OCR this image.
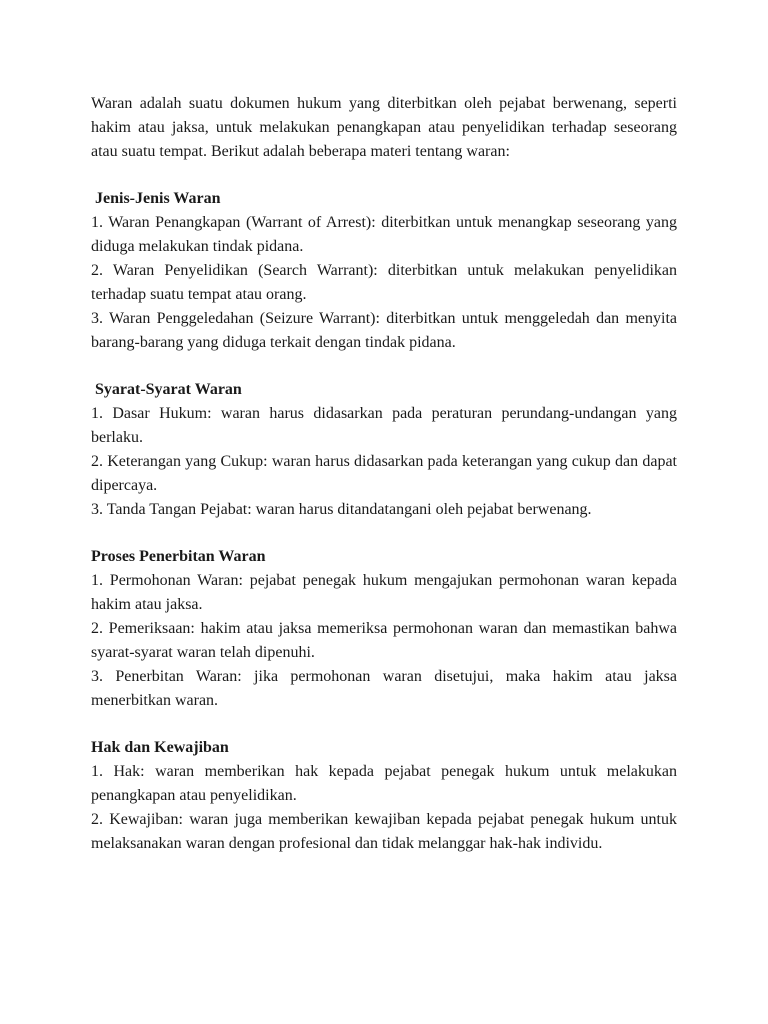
Waran adalah suatu dokumen hukum yang diterbitkan oleh pejabat berwenang, seperti hakim atau jaksa, untuk melakukan penangkapan atau penyelidikan terhadap seseorang atau suatu tempat. Berikut adalah beberapa materi tentang waran:

Jenis-Jenis Waran

1. Waran Penangkapan (Warrant of Arrest): diterbitkan untuk menangkap seseorang yang diduga melakukan tindak pidana.

2. Waran Penyelidikan (Search Warrant): diterbitkan untuk melakukan penyelidikan terhadap suatu tempat atau orang.

3. Waran Penggeledahan (Seizure Warrant): diterbitkan untuk menggeledah dan menyita barang-barang yang diduga terkait dengan tindak pidana.

Syarat-Syarat Waran

1. Dasar Hukum: waran harus didasarkan pada peraturan perundang-undangan yang berlaku.

2. Keterangan yang Cukup: waran harus didasarkan pada keterangan yang cukup dan dapat dipercaya.

3. Tanda Tangan Pejabat: waran harus ditandatangani oleh pejabat berwenang.

Proses Penerbitan Waran

1. Permohonan Waran: pejabat penegak hukum mengajukan permohonan waran kepada hakim atau jaksa.

2. Pemeriksaan: hakim atau jaksa memeriksa permohonan waran dan memastikan bahwa syarat-syarat waran telah dipenuhi.

3. Penerbitan Waran: jika permohonan waran disetujui, maka hakim atau jaksa menerbitkan waran.

Hak dan Kewajiban

1. Hak: waran memberikan hak kepada pejabat penegak hukum untuk melakukan penangkapan atau penyelidikan.

2. Kewajiban: waran juga memberikan kewajiban kepada pejabat penegak hukum untuk melaksanakan waran dengan profesional dan tidak melanggar hak-hak individu.
